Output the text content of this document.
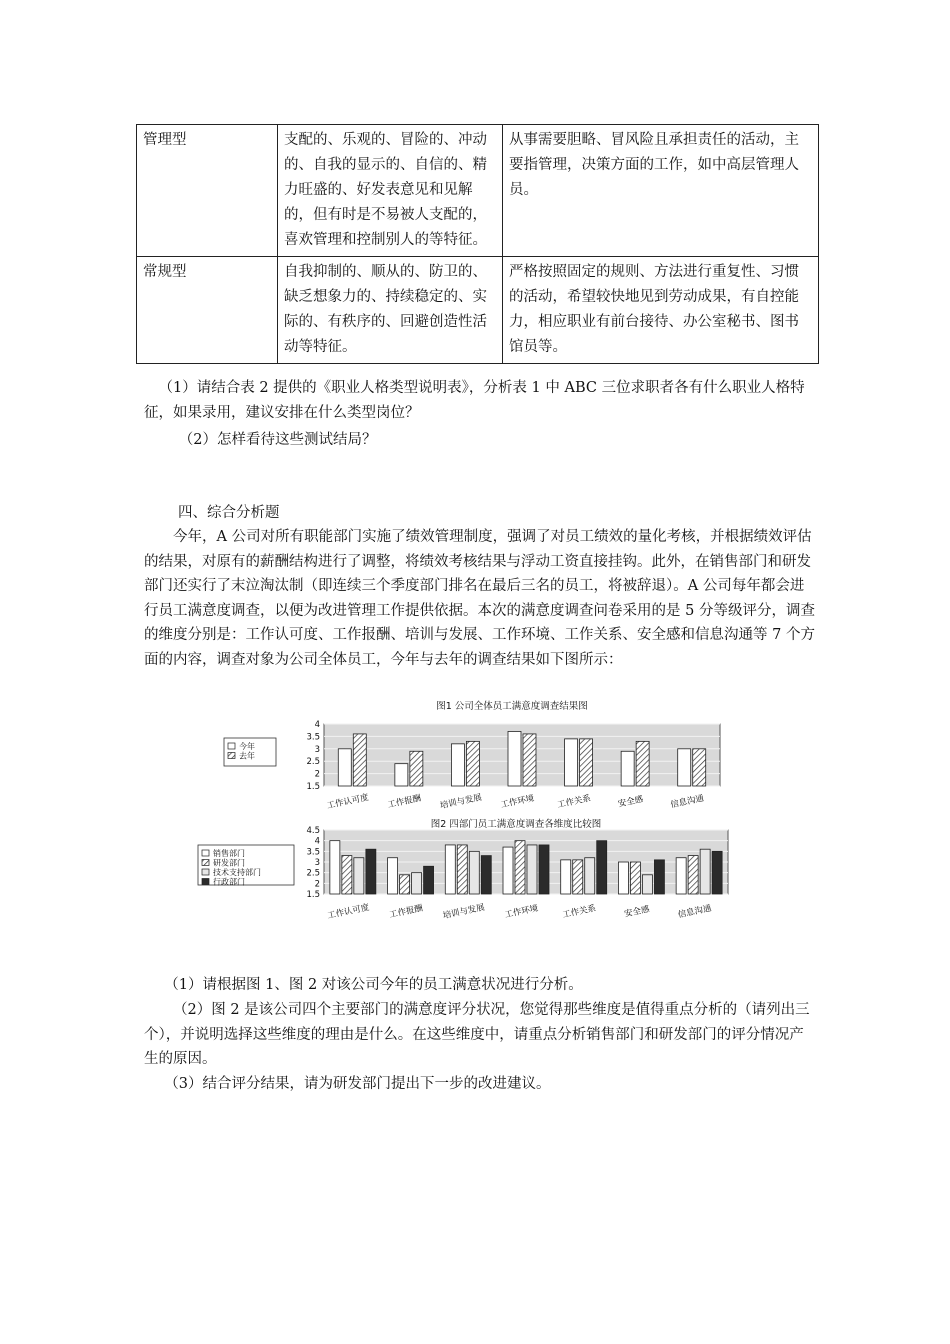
管理型	支配的、乐观的、冒险的、冲动的、自我的显示的、自信的、精力旺盛的、好发表意见和见解的，但有时是不易被人支配的，喜欢管理和控制别人的等特征。	从事需要胆略、冒风险且承担责任的活动，主要指管理，决策方面的工作，如中高层管理人员。
常规型	自我抑制的、顺从的、防卫的、缺乏想象力的、持续稳定的、实际的、有秩序的、回避创造性活动等特征。	严格按照固定的规则、方法进行重复性、习惯的活动，希望较快地见到劳动成果，有自控能力，相应职业有前台接待、办公室秘书、图书馆员等。

（1）请结合表 2 提供的《职业人格类型说明表》，分析表 1 中 ABC 三位求职者各有什么职业人格特征，如果录用，建议安排在什么类型岗位？

（2）怎样看待这些测试结局？

四、综合分析题

今年，A 公司对所有职能部门实施了绩效管理制度，强调了对员工绩效的量化考核，并根据绩效评估的结果，对原有的薪酬结构进行了调整，将绩效考核结果与浮动工资直接挂钩。此外，在销售部门和研发部门还实行了末泣淘汰制（即连续三个季度部门排名在最后三名的员工，将被辞退）。A 公司每年都会进行员工满意度调查，以便为改进管理工作提供依据。本次的满意度调查问卷采用的是 5 分等级评分，调查的维度分别是：工作认可度、工作报酬、培训与发展、工作环境、工作关系、安全感和信息沟通等 7 个方面的内容，调查对象为公司全体员工，今年与去年的调查结果如下图所示：

图1 公司全体员工满意度调查结果图
1.5
2
2.5
3
3.5
4
工作认可度 工作报酬 培训与发展 工作环境 工作关系	安全感	信息沟通
今年
去年
图2 四部门员工满意度调查各维度比较图
1.5
2
2.5
3
3.5
4
4.5
工作认可度 工作报酬 培训与发展 工作环境	工作关系	安全感	信息沟通
销售部门
研发部门
技术支持部门
行政部门

（1）请根据图 1、图 2 对该公司今年的员工满意状况进行分析。

（2）图 2 是该公司四个主要部门的满意度评分状况，您觉得那些维度是值得重点分析的（请列出三个），并说明选择这些维度的理由是什么。在这些维度中，请重点分析销售部门和研发部门的评分情况产生的原因。

（3）结合评分结果，请为研发部门提出下一步的改进建议。
